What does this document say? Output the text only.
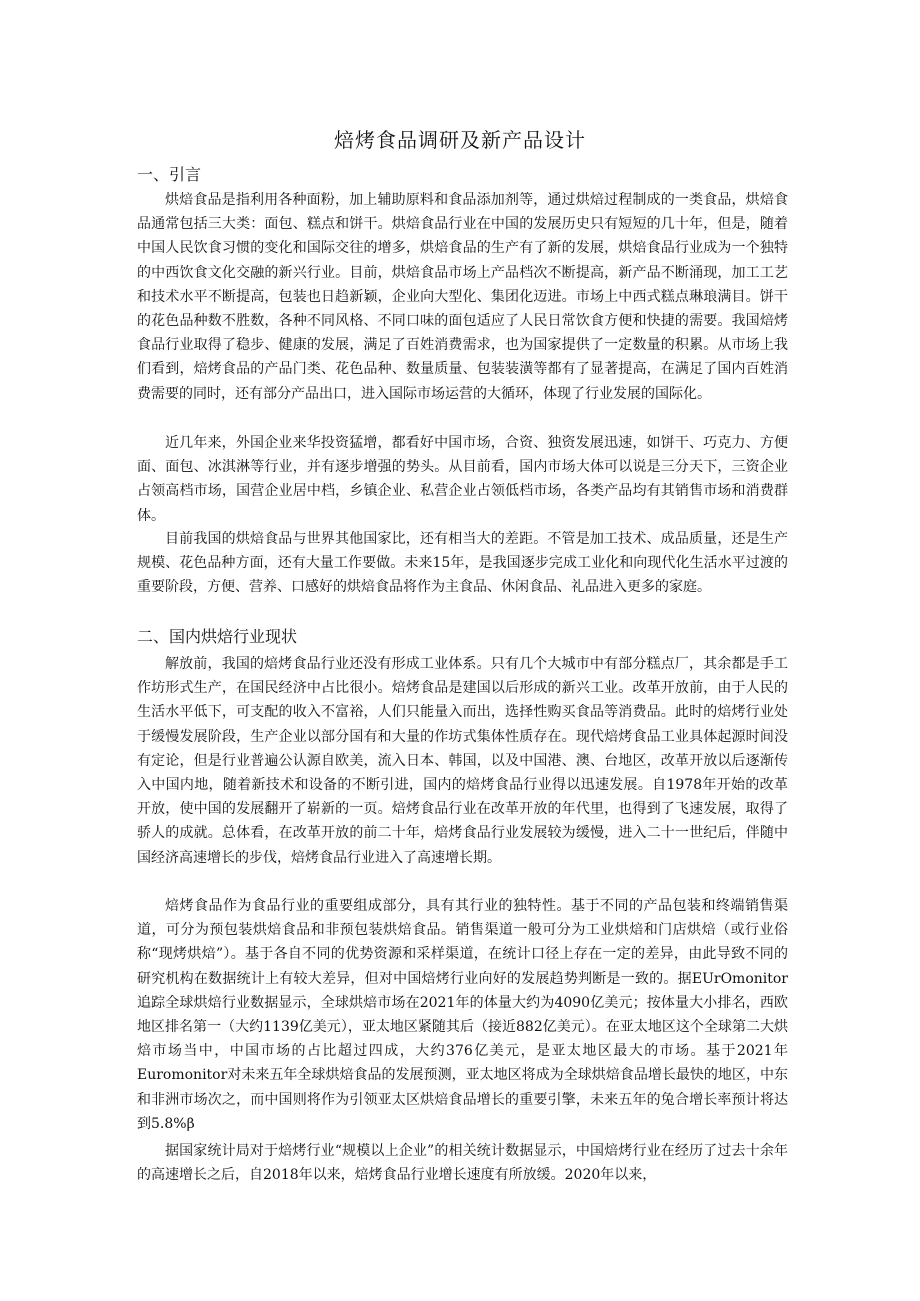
焙烤食品调研及新产品设计
一、引言

烘焙食品是指利用各种面粉，加上辅助原料和食品添加剂等，通过烘焙过程制成的一类食品，烘焙食品通常包括三大类：面包、糕点和饼干。烘焙食品行业在中国的发展历史只有短短的几十年，但是，随着中国人民饮食习惯的变化和国际交往的增多，烘焙食品的生产有了新的发展，烘焙食品行业成为一个独特的中西饮食文化交融的新兴行业。目前，烘焙食品市场上产品档次不断提高，新产品不断涌现，加工工艺和技术水平不断提高，包装也日趋新颖，企业向大型化、集团化迈进。市场上中西式糕点琳琅满目。饼干的花色品种数不胜数，各种不同风格、不同口味的面包适应了人民日常饮食方便和快捷的需要。我国焙烤食品行业取得了稳步、健康的发展，满足了百姓消费需求，也为国家提供了一定数量的积累。从市场上我们看到，焙烤食品的产品门类、花色品种、数量质量、包装装潢等都有了显著提高，在满足了国内百姓消费需要的同时，还有部分产品出口，进入国际市场运营的大循环，体现了行业发展的国际化。

近几年来，外国企业来华投资猛增，都看好中国市场，合资、独资发展迅速，如饼干、巧克力、方便面、面包、冰淇淋等行业，并有逐步增强的势头。从目前看，国内市场大体可以说是三分天下，三资企业占领高档市场，国营企业居中档，乡镇企业、私营企业占领低档市场，各类产品均有其销售市场和消费群体。

目前我国的烘焙食品与世界其他国家比，还有相当大的差距。不管是加工技术、成品质量，还是生产规模、花色品种方面，还有大量工作要做。未来15年，是我国逐步完成工业化和向现代化生活水平过渡的重要阶段，方便、营养、口感好的烘焙食品将作为主食品、休闲食品、礼品进入更多的家庭。

二、国内烘焙行业现状

解放前，我国的焙烤食品行业还没有形成工业体系。只有几个大城市中有部分糕点厂，其余都是手工作坊形式生产，在国民经济中占比很小。焙烤食品是建国以后形成的新兴工业。改革开放前，由于人民的生活水平低下，可支配的收入不富裕，人们只能量入而出，选择性购买食品等消费品。此时的焙烤行业处于缓慢发展阶段，生产企业以部分国有和大量的作坊式集体性质存在。现代焙烤食品工业具体起源时间没有定论，但是行业普遍公认源自欧美，流入日本、韩国，以及中国港、澳、台地区，改革开放以后逐渐传入中国内地，随着新技术和设备的不断引进，国内的焙烤食品行业得以迅速发展。自1978年开始的改革开放，使中国的发展翻开了崭新的一页。焙烤食品行业在改革开放的年代里，也得到了飞速发展，取得了骄人的成就。总体看，在改革开放的前二十年，焙烤食品行业发展较为缓慢，进入二十一世纪后，伴随中国经济高速增长的步伐，焙烤食品行业进入了高速增长期。

焙烤食品作为食品行业的重要组成部分，具有其行业的独特性。基于不同的产品包装和终端销售渠道，可分为预包装烘焙食品和非预包装烘焙食品。销售渠道一般可分为工业烘焙和门店烘焙（或行业俗称“现烤烘焙”）。基于各自不同的优势资源和采样渠道，在统计口径上存在一定的差异，由此导致不同的研究机构在数据统计上有较大差异，但对中国焙烤行业向好的发展趋势判断是一致的。据EUrOmonitor追踪全球烘焙行业数据显示，全球烘焙市场在2021年的体量大约为4090亿美元；按体量大小排名，西欧地区排名第一（大约1139亿美元），亚太地区紧随其后（接近882亿美元）。在亚太地区这个全球第二大烘焙市场当中，中国市场的占比超过四成，大约376亿美元，是亚太地区最大的市场。基于2021年Euromonitor对未来五年全球烘焙食品的发展预测，亚太地区将成为全球烘焙食品增长最快的地区，中东和非洲市场次之，而中国则将作为引领亚太区烘焙食品增长的重要引擎，未来五年的兔合增长率预计将达到5.8%β

据国家统计局对于焙烤行业“规模以上企业”的相关统计数据显示，中国焙烤行业在经历了过去十余年的高速增长之后，自2018年以来，焙烤食品行业增长速度有所放缓。2020年以来，
